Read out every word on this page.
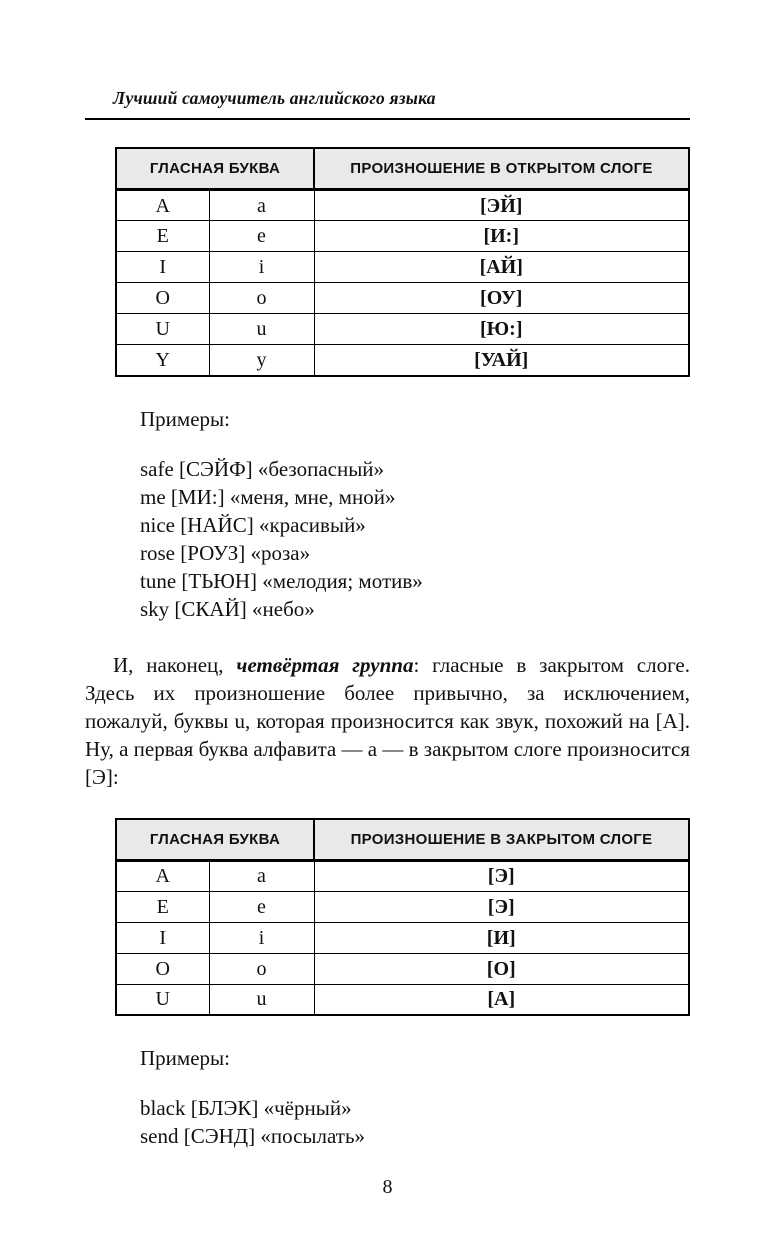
Лучший самоучитель английского языка
ГЛАСНАЯ БУКВА		ПРОИЗНОШЕНИЕ В ОТКРЫТОМ СЛОГЕ
A	a	[ЭЙ]
E	e	[И:]
I	i	[АЙ]
O	o	[ОУ]
U	u	[Ю:]
Y	y	[УАЙ]
Примеры:
safe [СЭЙФ] «безопасный»
me [МИ:] «меня, мне, мной»
nice [НАЙС] «красивый»
rose [РОУЗ] «роза»
tune [ТЬЮН] «мелодия; мотив»
sky [СКАЙ] «небо»

И, наконец, четвёртая группа: гласные в закрытом слоге. Здесь их произношение более привычно, за исключением, пожалуй, буквы u, которая произносится как звук, похожий на [А]. Ну, а первая буква алфавита — а — в закрытом слоге произносится [Э]:

ГЛАСНАЯ БУКВА		ПРОИЗНОШЕНИЕ В ЗАКРЫТОМ СЛОГЕ
A	a	[Э]
E	e	[Э]
I	i	[И]
O	o	[О]
U	u	[А]
Примеры:
black [БЛЭК] «чёрный»
send [СЭНД] «посылать»
8
